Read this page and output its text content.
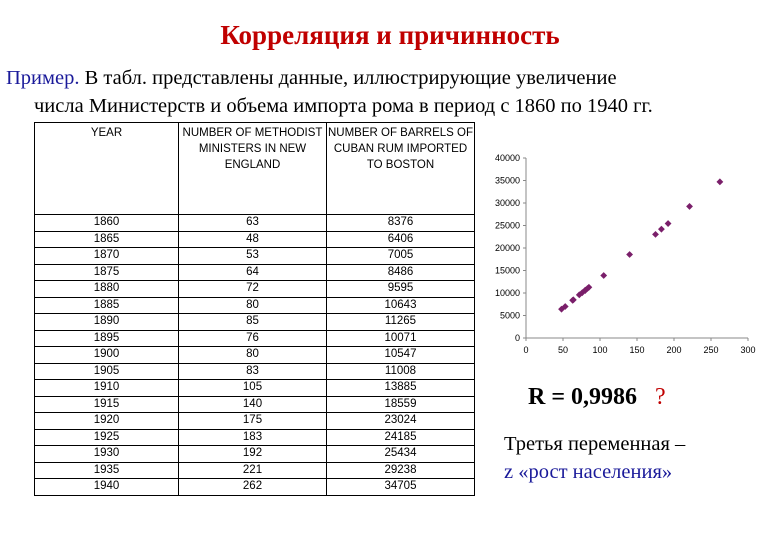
Корреляция и причинность
Пример. В табл. представлены данные, иллюстрирующие увеличение
числа Министерств и объема импорта рома в период с 1860 по 1940 гг.
YEAR	NUMBER OF METHODIST MINISTERS IN NEW ENGLAND	NUMBER OF BARRELS OF CUBAN RUM IMPORTED TO BOSTON
1860	63	8376
1865	48	6406
1870	53	7005
1875	64	8486
1880	72	9595
1885	80	10643
1890	85	11265
1895	76	10071
1900	80	10547
1905	83	11008
1910	105	13885
1915	140	18559
1920	175	23024
1925	183	24185
1930	192	25434
1935	221	29238
1940	262	34705
0
5000
10000
15000
20000
25000
30000
35000
40000
0	50	100 150 200 250 300
R = 0,9986 ?
Третья переменная –
z «рост населения»
